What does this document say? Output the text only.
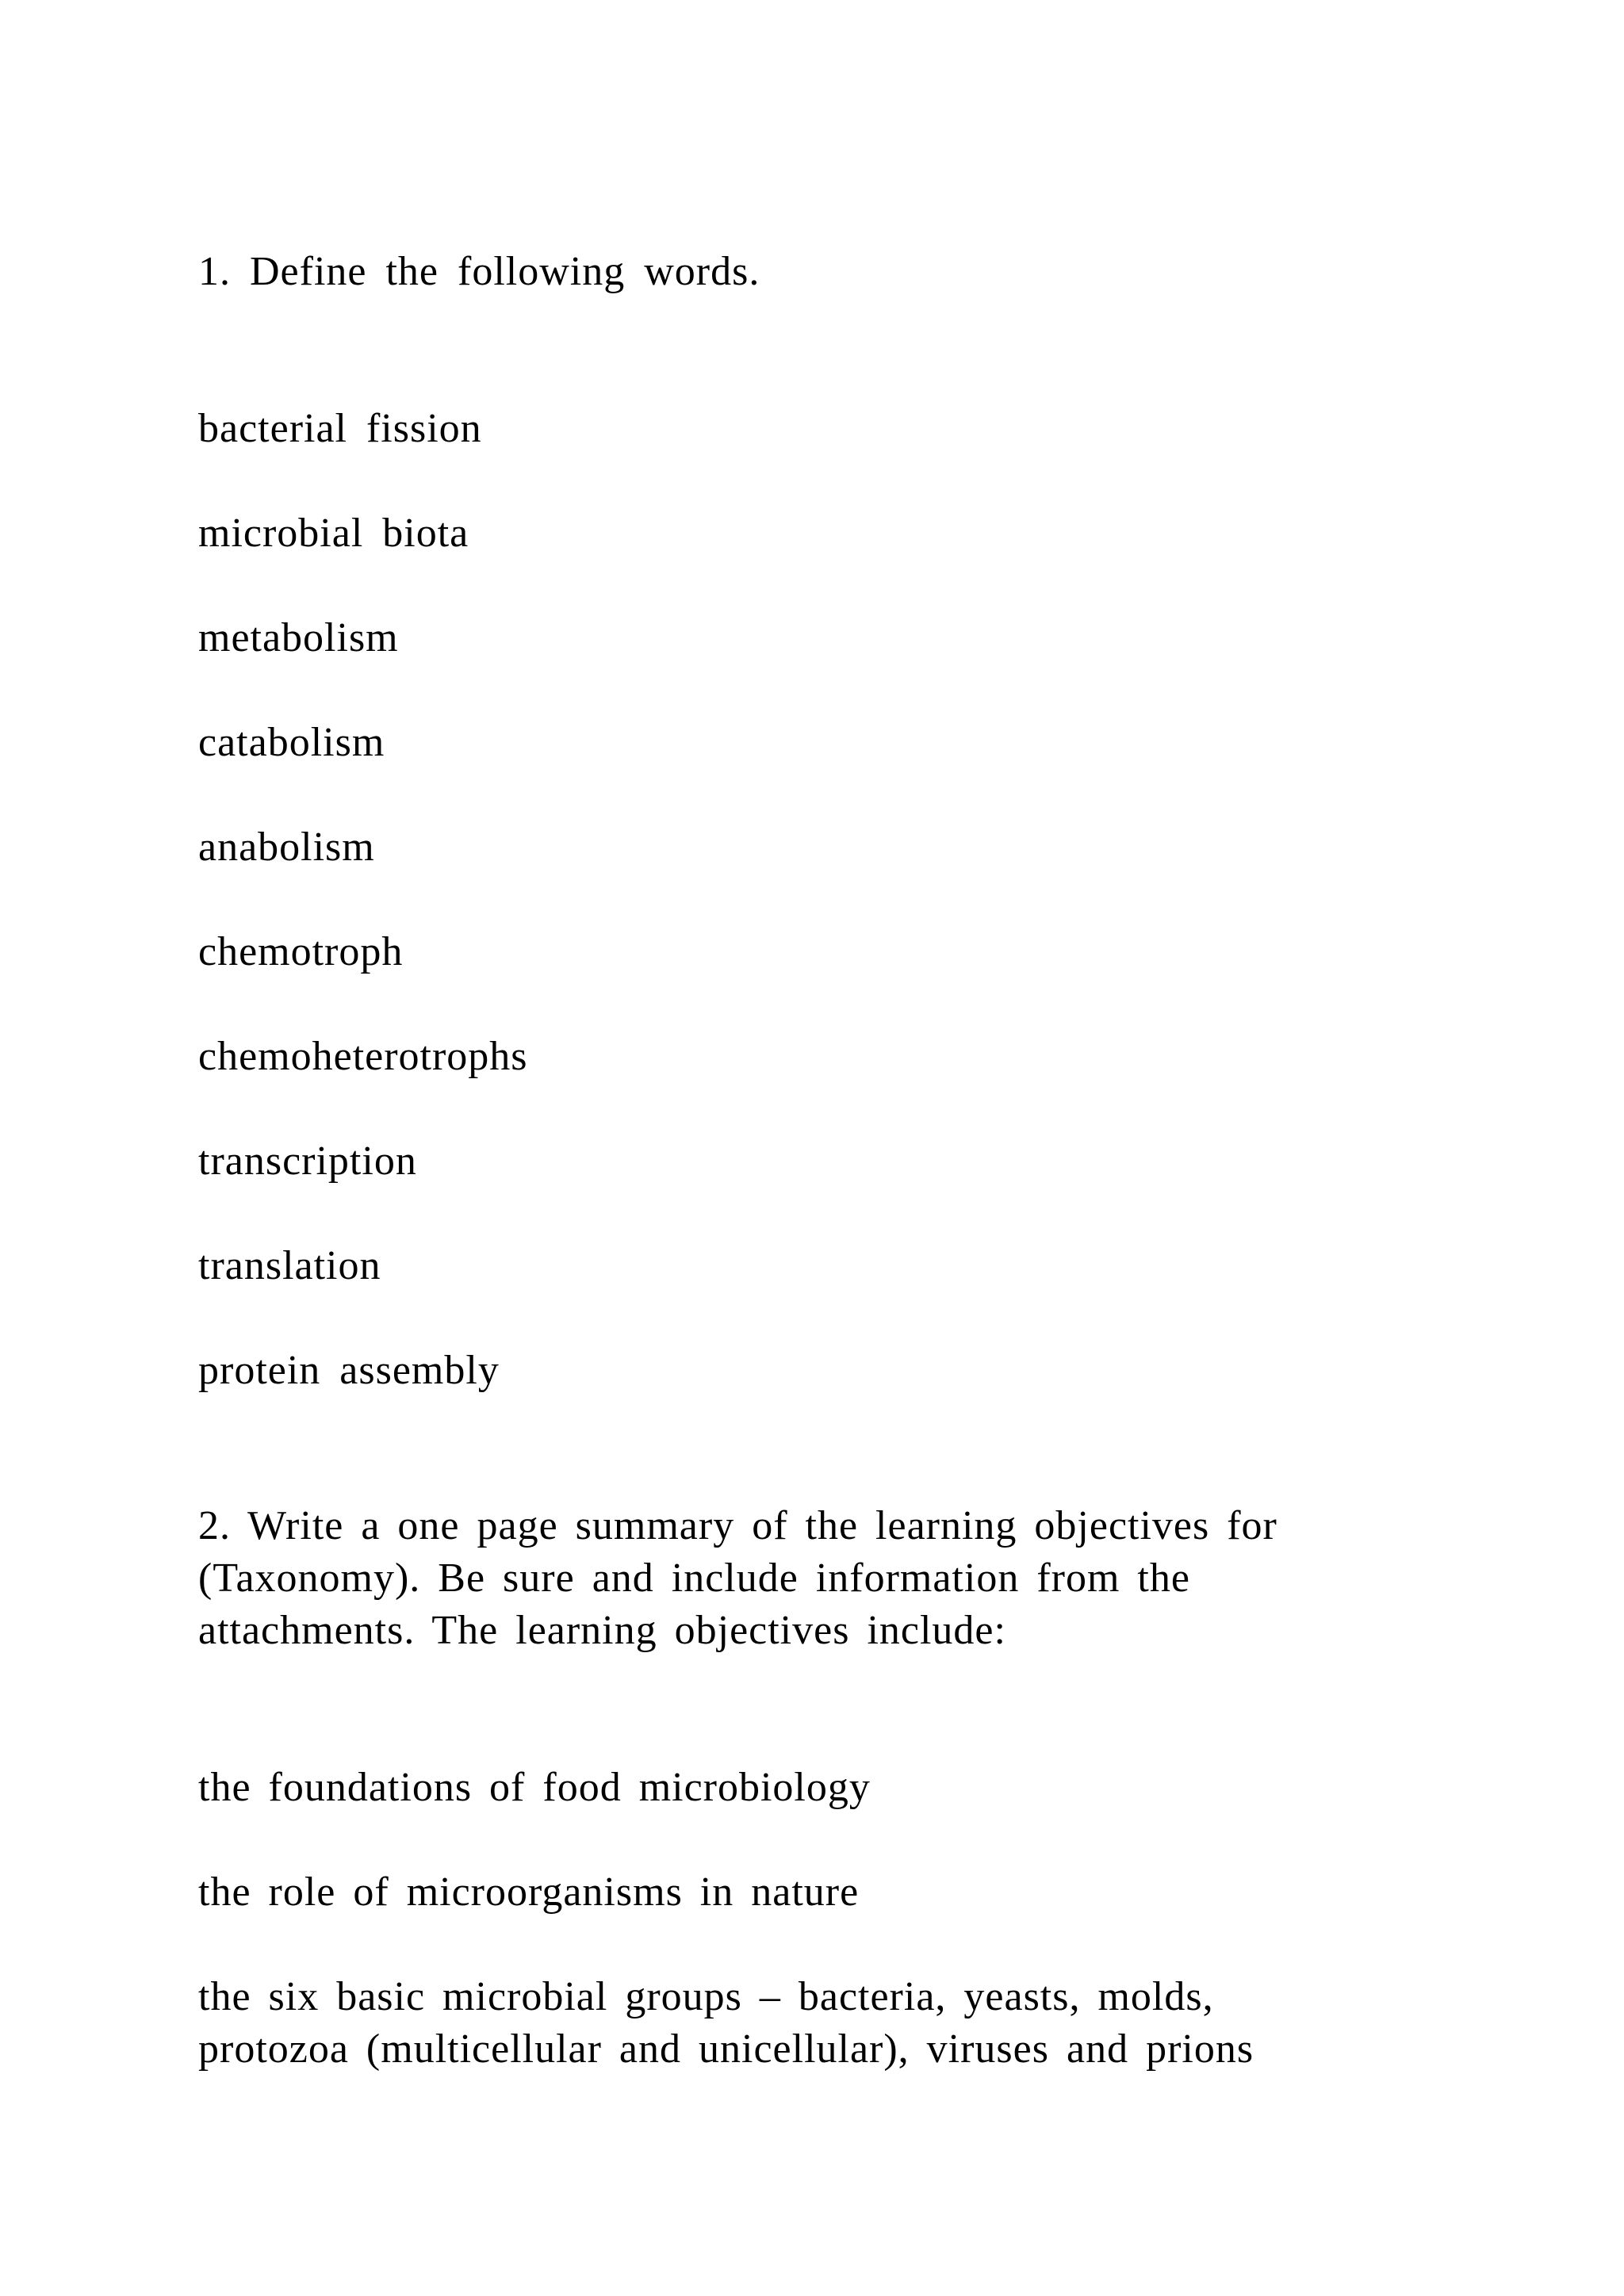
1. Define the following words.
bacterial fission
microbial biota
metabolism
catabolism
anabolism
chemotroph
chemoheterotrophs
transcription
translation
protein assembly
2. Write a one page summary of the learning objectives for
(Taxonomy). Be sure and include information from the
attachments. The learning objectives include:
the foundations of food microbiology
the role of microorganisms in nature
the six basic microbial groups – bacteria, yeasts, molds,
protozoa (multicellular and unicellular), viruses and prions
